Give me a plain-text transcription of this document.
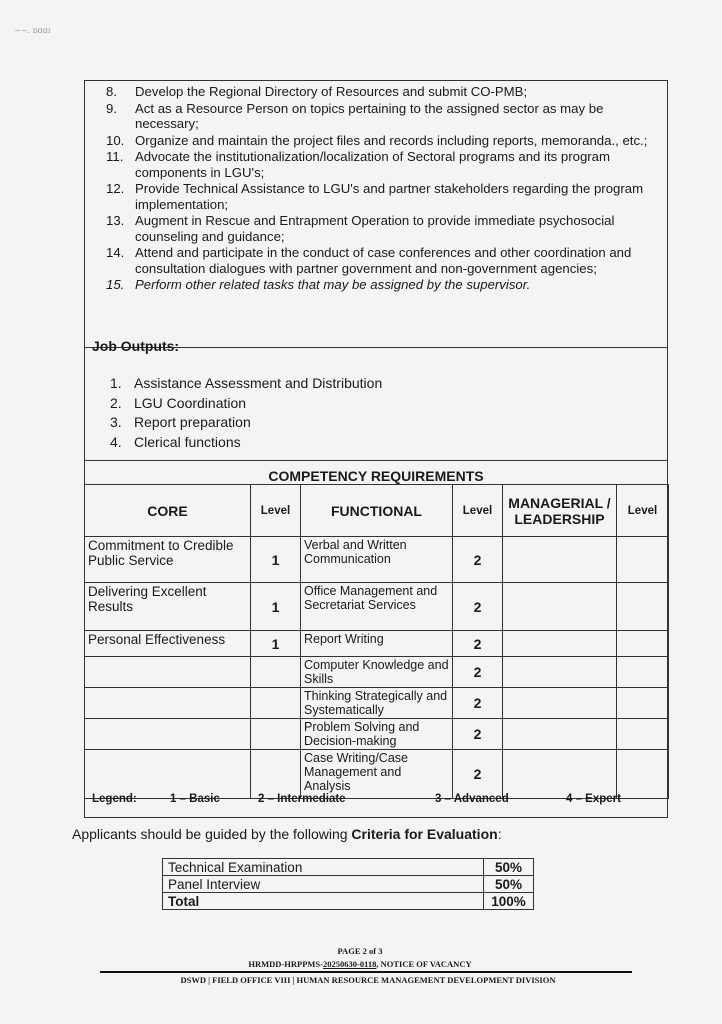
~~. ɒɑɑɪ
8. Develop the Regional Directory of Resources and submit CO-PMB;
9. Act as a Resource Person on topics pertaining to the assigned sector as may be necessary;
10. Organize and maintain the project files and records including reports, memoranda., etc.;
11. Advocate the institutionalization/localization of Sectoral programs and its program components in LGU's;
12. Provide Technical Assistance to LGU's and partner stakeholders regarding the program implementation;
13. Augment in Rescue and Entrapment Operation to provide immediate psychosocial counseling and guidance;
14. Attend and participate in the conduct of case conferences and other coordination and consultation dialogues with partner government and non-government agencies;
15. Perform other related tasks that may be assigned by the supervisor.
Job Outputs:
1. Assistance Assessment and Distribution
2. LGU Coordination
3. Report preparation
4. Clerical functions
COMPETENCY REQUIREMENTS
CORE	Level	FUNCTIONAL	Level	MANAGERIAL / LEADERSHIP	Level
Commitment to Credible Public Service	1	Verbal and Written Communication	2		
Delivering Excellent Results	1	Office Management and Secretariat Services	2		
Personal Effectiveness	1	Report Writing	2		
		Computer Knowledge and Skills	2		
		Thinking Strategically and Systematically	2		
		Problem Solving and Decision-making	2		
		Case Writing/Case Management and Analysis	2		
Legend:	1 – Basic	2 – Intermediate	3 – Advanced	4 – Expert
Applicants should be guided by the following Criteria for Evaluation:
Technical Examination	50%
Panel Interview	50%
Total	100%
PAGE 2 of 3
HRMDD-HRPPMS-20250630-0118, NOTICE OF VACANCY
DSWD | FIELD OFFICE VIII | HUMAN RESOURCE MANAGEMENT DEVELOPMENT DIVISION
